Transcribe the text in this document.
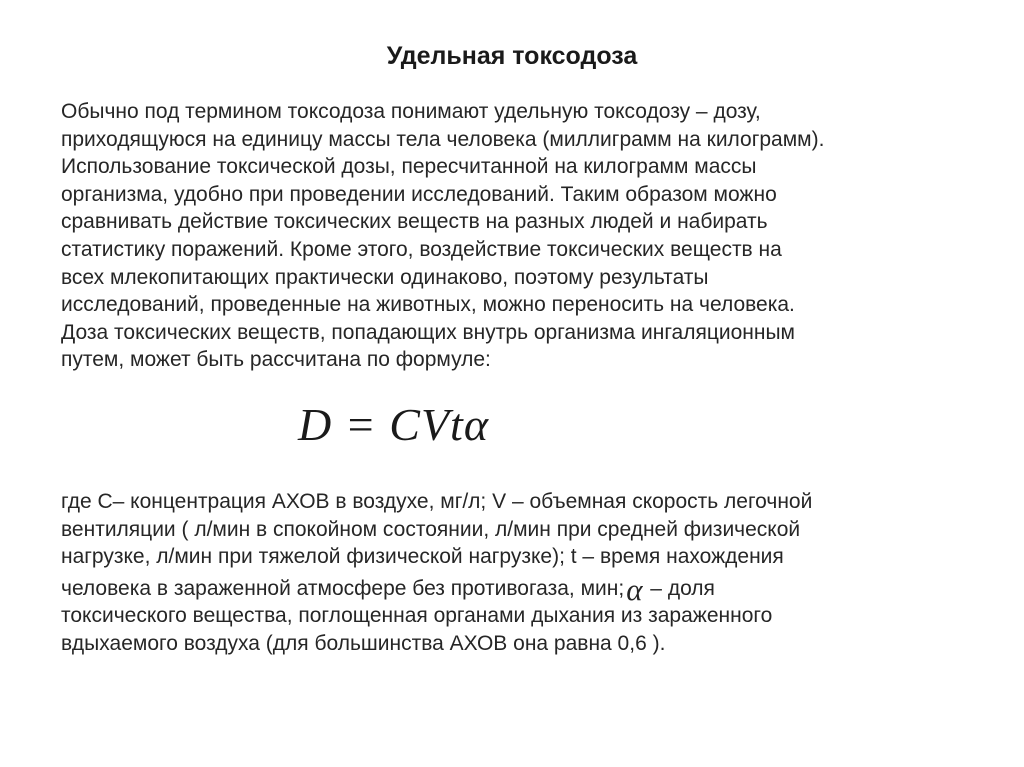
Удельная токсодоза
Обычно под термином токсодоза понимают удельную токсодозу – дозу,
приходящуюся на единицу массы тела человека (миллиграмм на килограмм).
Использование токсической дозы, пересчитанной на килограмм массы
организма, удобно при проведении исследований. Таким образом можно
сравнивать действие токсических веществ на разных людей и набирать
статистику поражений. Кроме этого, воздействие токсических веществ на
всех млекопитающих практически одинаково, поэтому результаты
исследований, проведенные на животных, можно переносить на человека.
Доза токсических веществ, попадающих внутрь организма ингаляционным
путем, может быть рассчитана по формуле:
D = CVtα
где С– концентрация АХОВ в воздухе, мг/л; V – объемная скорость легочной
вентиляции ( л/мин в спокойном состоянии, л/мин при средней физической
нагрузке, л/мин при тяжелой физической нагрузке); t – время нахождения
человека в зараженной атмосфере без противогаза, мин;α – доля
токсического вещества, поглощенная органами дыхания из зараженного
вдыхаемого воздуха (для большинства АХОВ она равна 0,6 ).
